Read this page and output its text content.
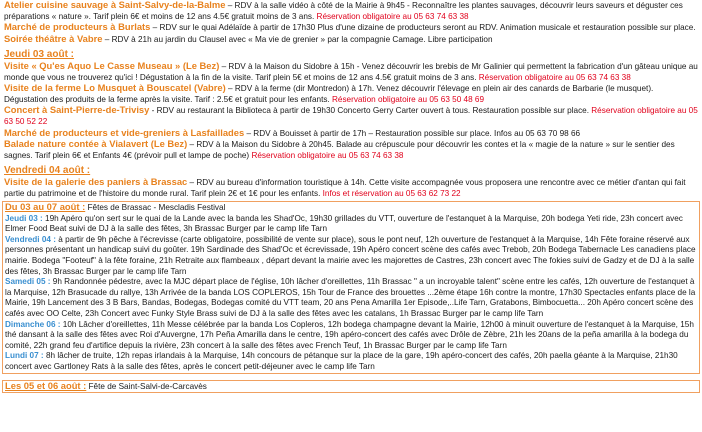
Atelier cuisine sauvage à Saint-Salvy-de-la-Balme – RDV à la salle vidéo à côté de la Mairie à 9h45 - Reconnaître les plantes sauvages, découvrir leurs saveurs et déguster ces préparations « nature ». Tarif plein 6€ et moins de 12 ans 4.5€ gratuit moins de 3 ans. Réservation obligatoire au 05 63 74 63 38

Marché de producteurs à Burlats – RDV sur le quai Adélaïde à partir de 17h30 Plus d'une dizaine de producteurs seront au RDV. Animation musicale et restauration possible sur place.

Soirée théâtre à Vabre – RDV à 21h au jardin du Clausel avec « Ma vie de grenier » par la compagnie Camage. Libre participation

Jeudi 03 août :

Visite « Qu'es Aquo Le Casse Museau » (Le Bez) – RDV à la Maison du Sidobre à 15h - Venez découvrir les brebis de Mr Galinier qui permettent la fabrication d'un gâteau unique au monde que vous ne trouverez qu'ici ! Dégustation à la fin de la visite. Tarif plein 5€ et moins de 12 ans 4.5€ gratuit moins de 3 ans. Réservation obligatoire au 05 63 74 63 38

Visite de la ferme Lo Musquet à Bouscatel (Vabre) – RDV à la ferme (dir Montredon) à 17h. Venez découvrir l'élevage en plein air des canards de Barbarie (le musquet). Dégustation des produits de la ferme après la visite. Tarif : 2.5€ et gratuit pour les enfants. Réservation obligatoire au 05 63 50 48 69

Concert à Saint-Pierre-de-Trivisy - RDV au restaurant la Biblioteca à partir de 19h30 Concerto Gerry Carter ouvert à tous. Restauration possible sur place. Réservation obligatoire au 05 63 50 52 22

Marché de producteurs et vide-greniers à Lasfaillades – RDV à Bouisset à partir de 17h – Restauration possible sur place. Infos au 05 63 70 98 66

Balade nature contée à Vialavert (Le Bez) – RDV à la Maison du Sidobre à 20h45. Balade au crépuscule pour découvrir les contes et la « magie de la nature » sur le sentier des sagnes. Tarif plein 6€ et Enfants 4€ (prévoir pull et lampe de poche) Réservation obligatoire au 05 63 74 63 38

Vendredi 04 août :

Visite de la galerie des paniers à Brassac – RDV au bureau d'information touristique à 14h. Cette visite accompagnée vous proposera une rencontre avec ce métier d'antan qui fait partie du patrimoine et de l'histoire du monde rural. Tarif plein 2€ et 1€ pour les enfants. Infos et réservation au 05 63 62 73 22

Du 03 au 07 août : Fêtes de Brassac - Mescladis Festival

Jeudi 03 : 19h Apéro qu'on sert sur le quai de la Lande avec la banda les Shad'Oc, 19h30 grillades du VTT, ouverture de l'estanquet à la Marquise, 20h bodega Yeti ride, 23h concert avec Elmer Food Beat suivi de DJ à la salle des fêtes, 3h Brassac Burger par le camp life Tarn

Vendredi 04 : à partir de 9h pêche à l'écrevisse (carte obligatoire, possibilité de vente sur place), sous le pont neuf, 12h ouverture de l'estanquet à la Marquise, 14h Fête foraine réservé aux personnes présentant un handicap suivi du goûter. 19h Sardinade des Shad'Oc et écrevissade, 19h Apéro concert scène des cafés avec Trebob, 20h Bodega Tabernacle Les canadiens place mairie. Bodega "Footeuf" à la fête foraine, 21h Retraite aux flambeaux , départ devant la mairie avec les majorettes de Castres, 23h concert avec The fokies suivi de Gadzy et de DJ à la salle des fêtes, 3h Brassac Burger par le camp life Tarn

Samedi 05 : 9h Randonnée pédestre, avec la MJC départ place de l'église, 10h lâcher d'oreillettes, 11h Brassac " a un incroyable talent" scène entre les cafés, 12h ouverture de l'estanquet à la Marquise, 12h Brasucade du rallye, 13h Arrivée de la banda LOS COPLEROS, 15h Tour de France des brouettes ...2ème étape 16h contre la montre, 17h30 Spectacles enfants place de la Mairie, 19h Lancement des 3 B Bars, Bandas, Bodegas, Bodegas comité du VTT team, 20 ans Pena Amarilla 1er Episode,..Life Tarn, Gratabons, Bimbocuetta... 20h Apéro concert scène des cafés avec OO Celte, 23h Concert avec Funky Style Brass suivi de DJ à la salle des fêtes avec les catalans, 1h Brassac Burger par le camp life Tarn

Dimanche 06 : 10h Lâcher d'oreillettes, 11h Messe célébrée par la banda Los Copleros, 12h bodega champagne devant la Mairie, 12h00 à minuit ouverture de l'estanquet à la Marquise, 15h thé dansant à la salle des fêtes avec Roi d'Auvergne, 17h Peña Amarilla dans le centre, 19h apéro-concert des cafés avec Drôle de Zèbre, 21h les 20ans de la peña amarilla à la bodega du comité, 22h grand feu d'artifice depuis la rivière, 23h concert à la salle des fêtes avec French Teuf, 1h Brassac Burger par le camp life Tarn

Lundi 07 : 8h lâcher de truite, 12h repas irlandais à la Marquise, 14h concours de pétanque sur la place de la gare, 19h apéro-concert des cafés, 20h paella géante à la Marquise, 21h30 concert avec Gartloney Rats à la salle des fêtes, après le concert petit-déjeuner avec le camp life Tarn

Les 05 et 06 août : Fête de Saint-Salvi-de-Carcavès
